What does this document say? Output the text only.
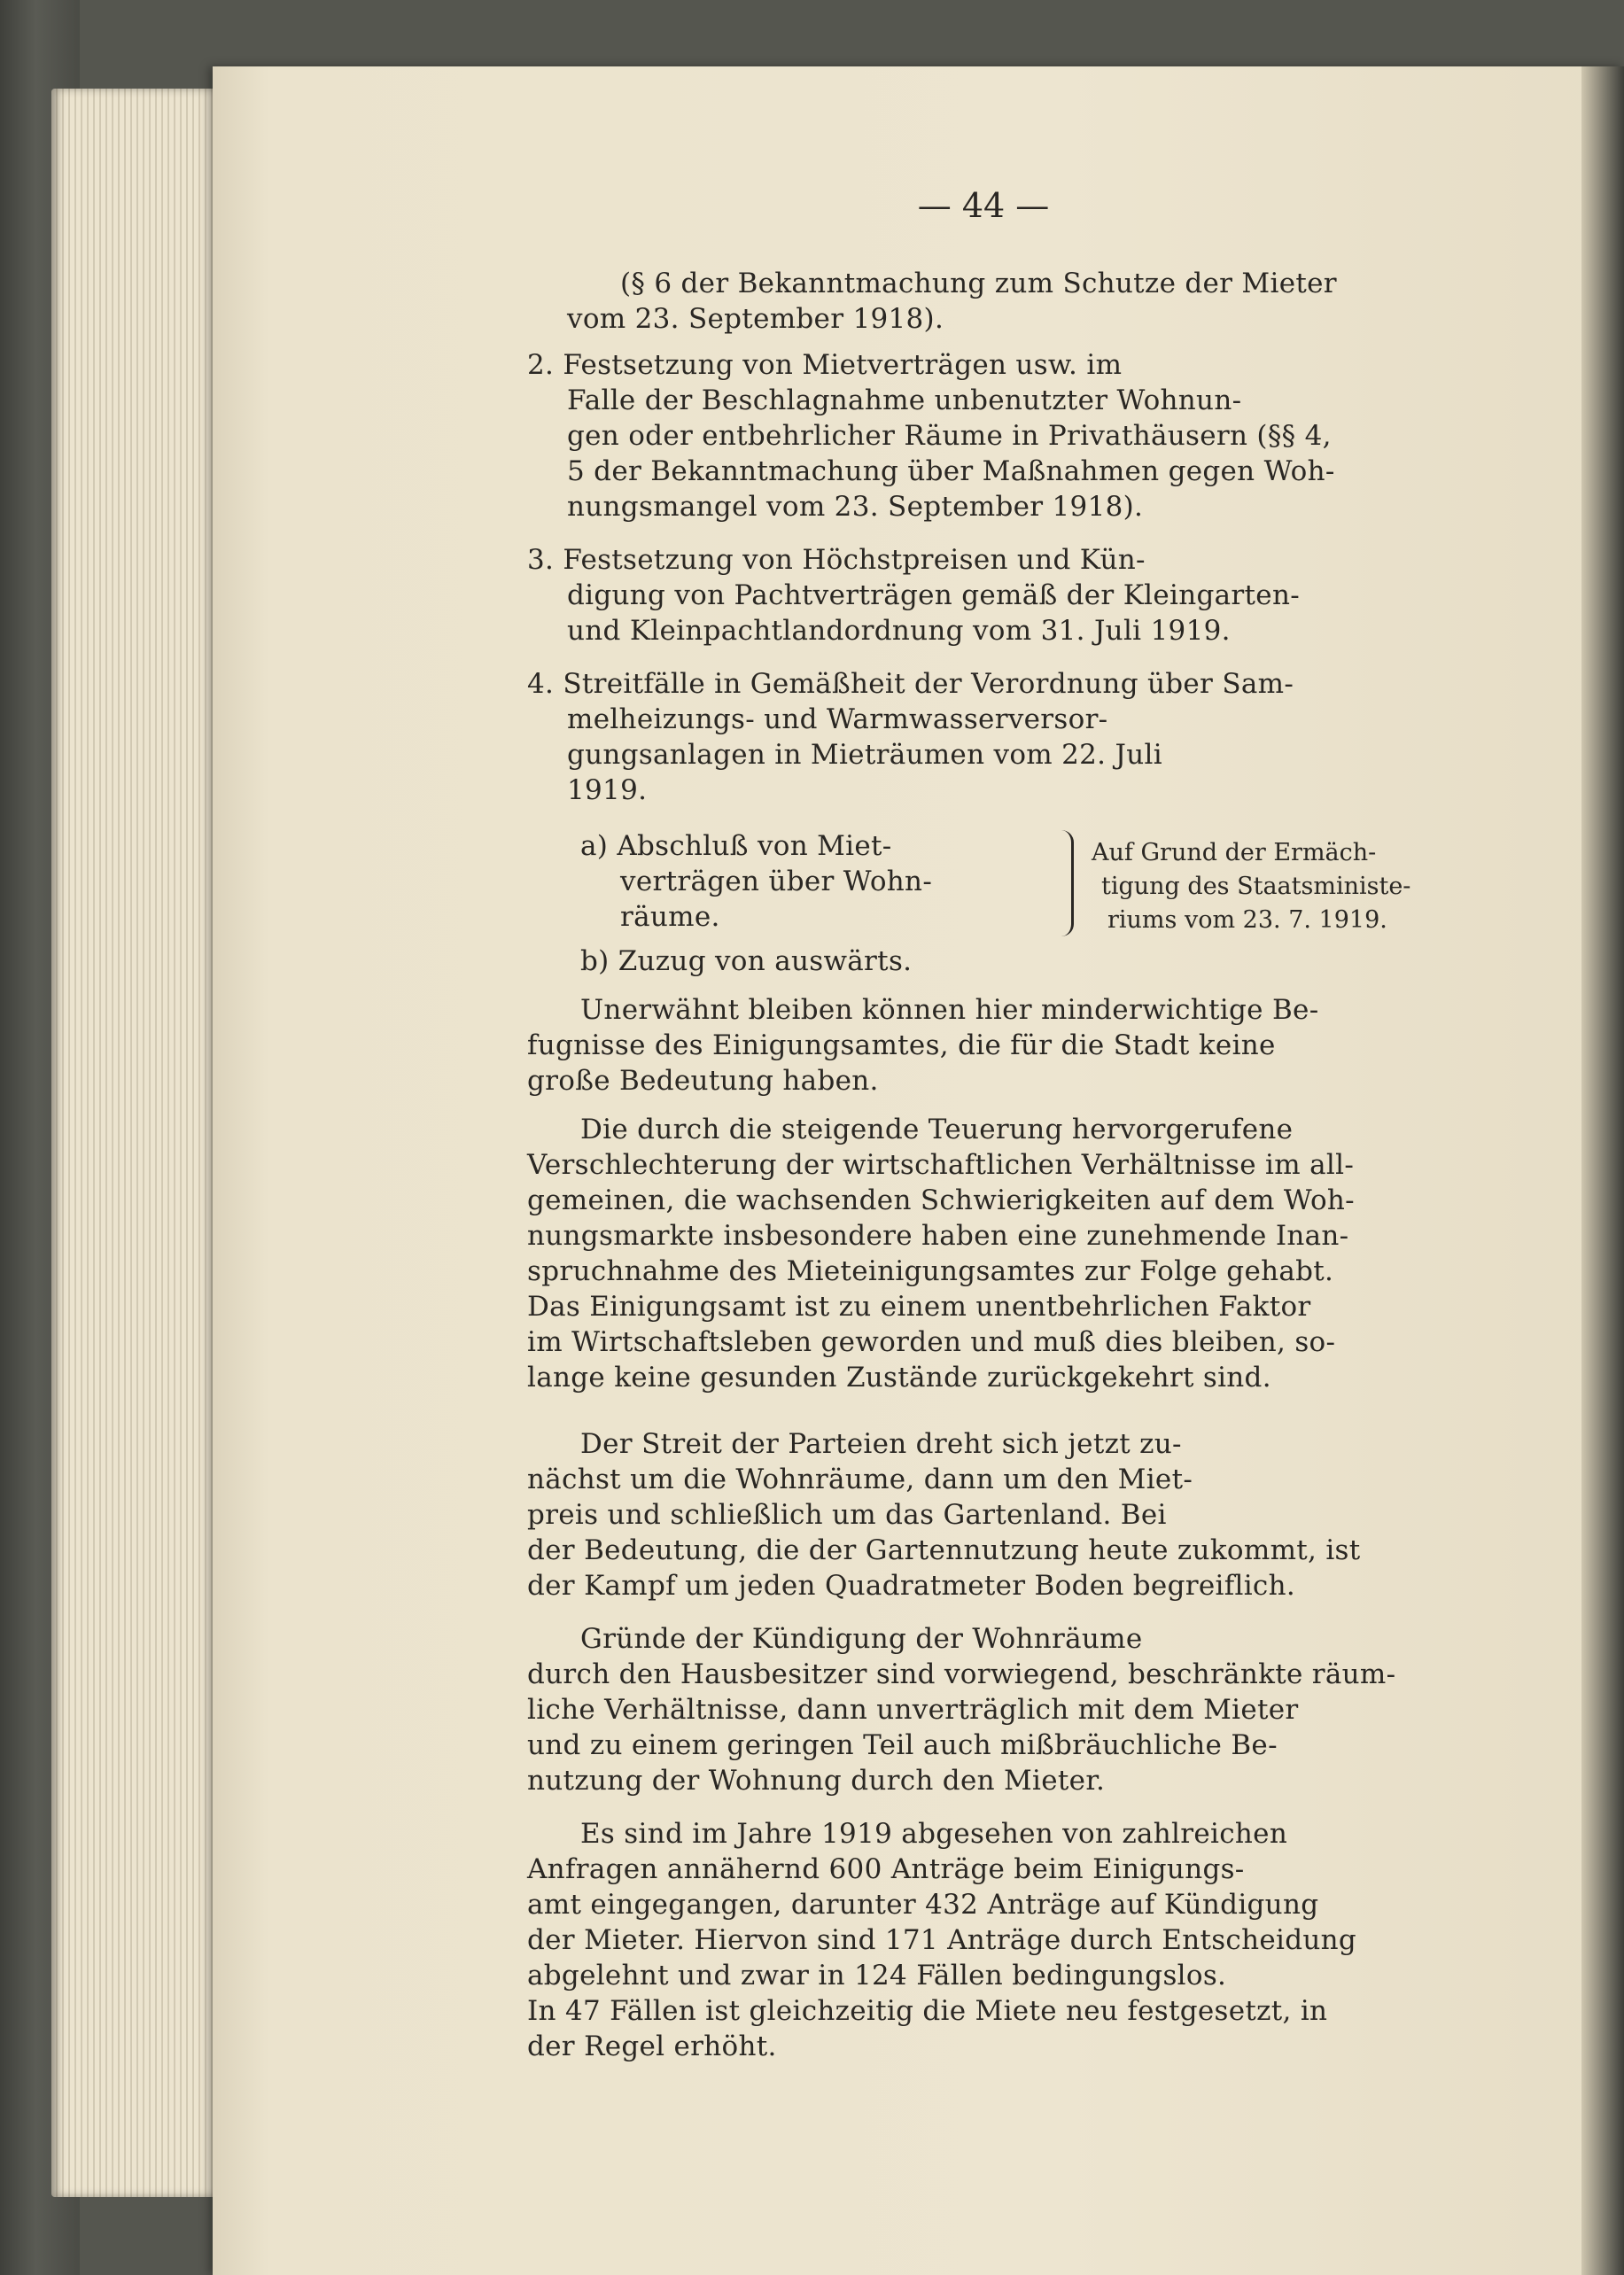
— 44 —
(§ 6 der Bekanntmachung zum Schutze der Mieter
vom 23. September 1918).
2. Festsetzung von Mietverträgen usw. im
Falle der Beschlagnahme unbenutzter Wohnun-
gen oder entbehrlicher Räume in Privathäusern (§§ 4,
5 der Bekanntmachung über Maßnahmen gegen Woh-
nungsmangel vom 23. September 1918).
3. Festsetzung von Höchstpreisen und Kün-
digung von Pachtverträgen gemäß der Kleingarten-
und Kleinpachtlandordnung vom 31. Juli 1919.
4. Streitfälle in Gemäßheit der Verordnung über Sam-
melheizungs- und Warmwasserversor-
gungsanlagen in Mieträumen vom 22. Juli
1919.
a) Abschluß von Miet-
verträgen über Wohn-
räume.
b) Zuzug von auswärts.
Unerwähnt bleiben können hier minderwichtige Be-
fugnisse des Einigungsamtes, die für die Stadt keine
große Bedeutung haben.
Die durch die steigende Teuerung hervorgerufene
Verschlechterung der wirtschaftlichen Verhältnisse im all-
gemeinen, die wachsenden Schwierigkeiten auf dem Woh-
nungsmarkte insbesondere haben eine zunehmende Inan-
spruchnahme des Mieteinigungsamtes zur Folge gehabt.
Das Einigungsamt ist zu einem unentbehrlichen Faktor
im Wirtschaftsleben geworden und muß dies bleiben, so-
lange keine gesunden Zustände zurückgekehrt sind.
Der Streit der Parteien dreht sich jetzt zu-
nächst um die Wohnräume, dann um den Miet-
preis und schließlich um das Gartenland. Bei
der Bedeutung, die der Gartennutzung heute zukommt, ist
der Kampf um jeden Quadratmeter Boden begreiflich.
Gründe der Kündigung der Wohnräume
durch den Hausbesitzer sind vorwiegend, beschränkte räum-
liche Verhältnisse, dann unverträglich mit dem Mieter
und zu einem geringen Teil auch mißbräuchliche Be-
nutzung der Wohnung durch den Mieter.
Es sind im Jahre 1919 abgesehen von zahlreichen
Anfragen annähernd 600 Anträge beim Einigungs-
amt eingegangen, darunter 432 Anträge auf Kündigung
der Mieter. Hiervon sind 171 Anträge durch Entscheidung
abgelehnt und zwar in 124 Fällen bedingungslos.
In 47 Fällen ist gleichzeitig die Miete neu festgesetzt, in
der Regel erhöht.
Auf Grund der Ermäch-
tigung des Staatsministe-
riums vom 23. 7. 1919.
